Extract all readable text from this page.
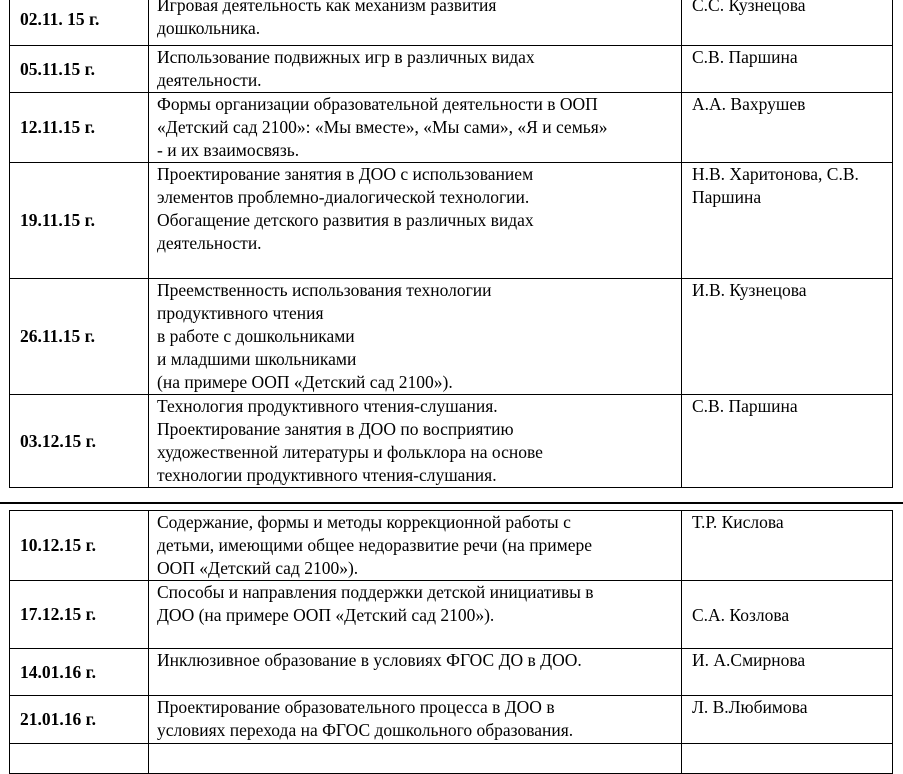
02.11. 15 г.	Игровая деятельность как механизм развития
дошкольника.	С.С. Кузнецова

05.11.15 г.	Использование подвижных игр в различных видах
деятельности.	С.В. Паршина

12.11.15 г.	Формы организации образовательной деятельности в ООП
«Детский сад 2100»: «Мы вместе», «Мы сами», «Я и семья»
- и их взаимосвязь.	А.А. Вахрушев

19.11.15 г.	Проектирование занятия в ДОО с использованием
элементов проблемно-диалогической технологии.
Обогащение детского развития в различных видах
деятельности.	Н.В. Харитонова, С.В.
Паршина

26.11.15 г.	Преемственность использования технологии
продуктивного чтения
в работе с дошкольниками
и младшими школьниками
(на примере ООП «Детский сад 2100»).	И.В. Кузнецова

03.12.15 г.	Технология продуктивного чтения-слушания.
Проектирование занятия в ДОО по восприятию
художественной литературы и фольклора на основе
технологии продуктивного чтения-слушания.	С.В. Паршина
10.12.15 г.	Содержание, формы и методы коррекционной работы с
детьми, имеющими общее недоразвитие речи (на примере
ООП «Детский сад 2100»).	Т.Р. Кислова

17.12.15 г.	Способы и направления поддержки детской инициативы в
ДОО (на примере ООП «Детский сад 2100»).	С.А. Козлова

14.01.16 г.	Инклюзивное образование в условиях ФГОС ДО в ДОО.	И. А.Смирнова

21.01.16 г.	Проектирование образовательного процесса в ДОО в
условиях перехода на ФГОС дошкольного образования.	Л. В.Любимова
